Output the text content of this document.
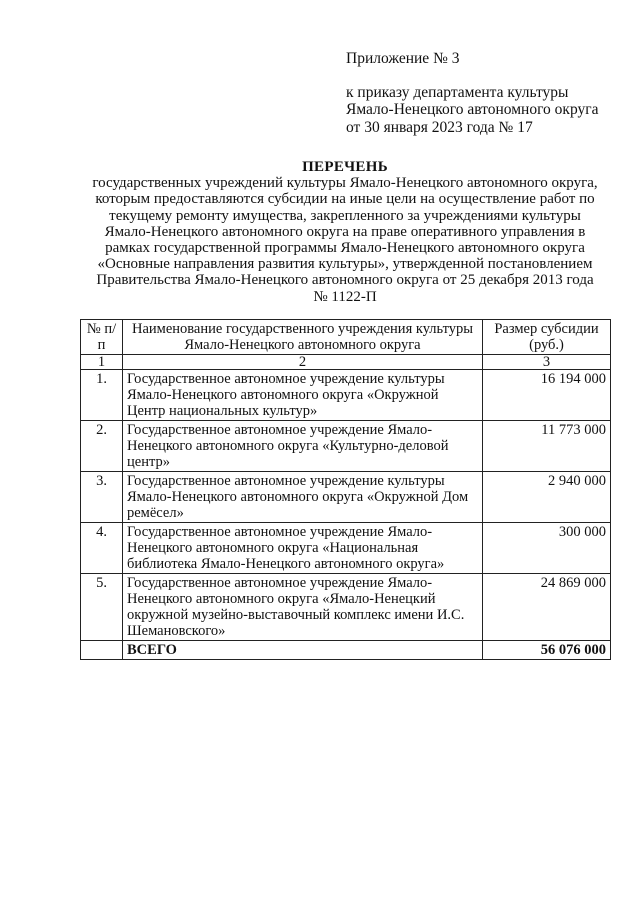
Приложение № 3
к приказу департамента культуры
Ямало-Ненецкого автономного округа
от 30 января 2023 года № 17
ПЕРЕЧЕНЬ
государственных учреждений культуры Ямало-Ненецкого автономного округа,
которым предоставляются субсидии на иные цели на осуществление работ по
текущему ремонту имущества, закрепленного за учреждениями культуры
Ямало-Ненецкого автономного округа на праве оперативного управления в
рамках государственной программы Ямало-Ненецкого автономного округа
«Основные направления развития культуры», утвержденной постановлением
Правительства Ямало-Ненецкого автономного округа от 25 декабря 2013 года
№ 1122-П
№ п/п	Наименование государственного учреждения культуры Ямало-Ненецкого автономного округа	Размер субсидии (руб.)
1	2	3
1.	Государственное автономное учреждение культуры Ямало-Ненецкого автономного округа «Окружной Центр национальных культур»	16 194 000
2.	Государственное автономное учреждение Ямало-Ненецкого автономного округа «Культурно-деловой центр»	11 773 000
3.	Государственное автономное учреждение культуры Ямало-Ненецкого автономного округа «Окружной Дом ремёсел»	2 940 000
4.	Государственное автономное учреждение Ямало-Ненецкого автономного округа «Национальная библиотека Ямало-Ненецкого автономного округа»	300 000
5.	Государственное автономное учреждение Ямало-Ненецкого автономного округа «Ямало-Ненецкий окружной музейно-выставочный комплекс имени И.С. Шемановского»	24 869 000
	ВСЕГО	56 076 000
